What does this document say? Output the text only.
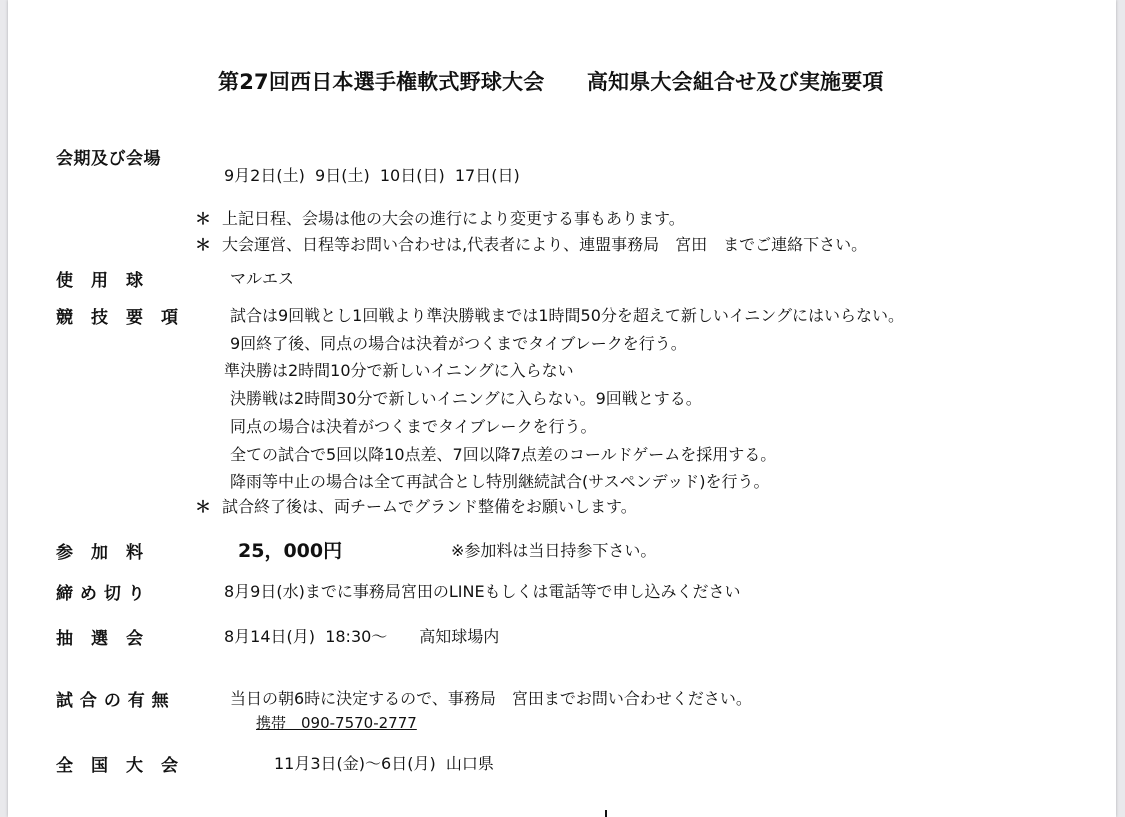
第27回西日本選手権軟式野球大会　　高知県大会組合せ及び実施要項
会期及び会場
9月2日(土)  9日(土)  10日(日)  17日(日)
＊ 上記日程、会場は他の大会の進行により変更する事もあります。
＊ 大会運営、日程等お問い合わせは,代表者により、連盟事務局　宮田　までご連絡下さい。
使　用　球	マルエス
競　技　要　項	試合は9回戦とし1回戦より準決勝戦までは1時間50分を超えて新しいイニングにはいらない。
9回終了後、同点の場合は決着がつくまでタイブレークを行う。
準決勝は2時間10分で新しいイニングに入らない
決勝戦は2時間30分で新しいイニングに入らない。9回戦とする。
同点の場合は決着がつくまでタイブレークを行う。
全ての試合で5回以降10点差、7回以降7点差のコールドゲームを採用する。
降雨等中止の場合は全て再試合とし特別継続試合(サスペンデッド)を行う。
＊ 試合終了後は、両チームでグランド整備をお願いします。
参　加　料	25，000円	※参加料は当日持参下さい。
締 め 切 り	8月9日(水)までに事務局宮田のLINEもしくは電話等で申し込みください
抽　選　会	8月14日(月)  18:30～　　高知球場内
試 合 の 有 無	当日の朝6時に決定するので、事務局　宮田までお問い合わせください。
携帯　090-7570-2777
全　国　大　会	11月3日(金)～6日(月)  山口県
